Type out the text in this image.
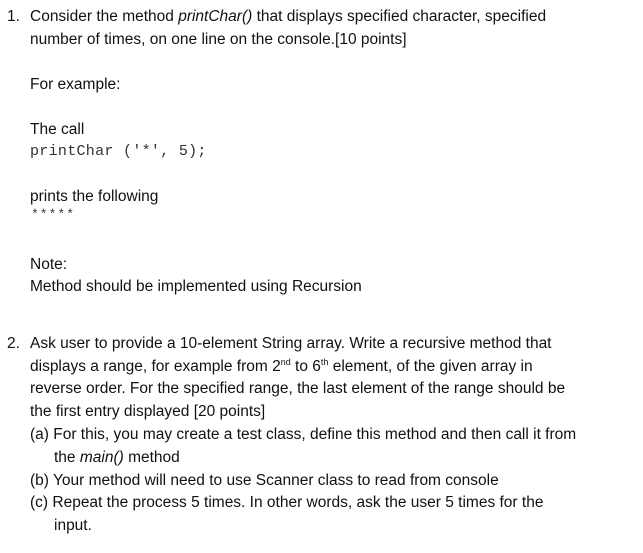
1. Consider the method printChar() that displays specified character, specified
number of times, on one line on the console.[10 points]
For example:
The call
printChar ('*', 5);
prints the following
*****
Note:
Method should be implemented using Recursion
2. Ask user to provide a 10-element String array. Write a recursive method that
displays a range, for example from 2nd to 6th element, of the given array in
reverse order. For the specified range, the last element of the range should be
the first entry displayed [20 points]
(a) For this, you may create a test class, define this method and then call it from
the main() method
(b) Your method will need to use Scanner class to read from console
(c) Repeat the process 5 times. In other words, ask the user 5 times for the
input.
